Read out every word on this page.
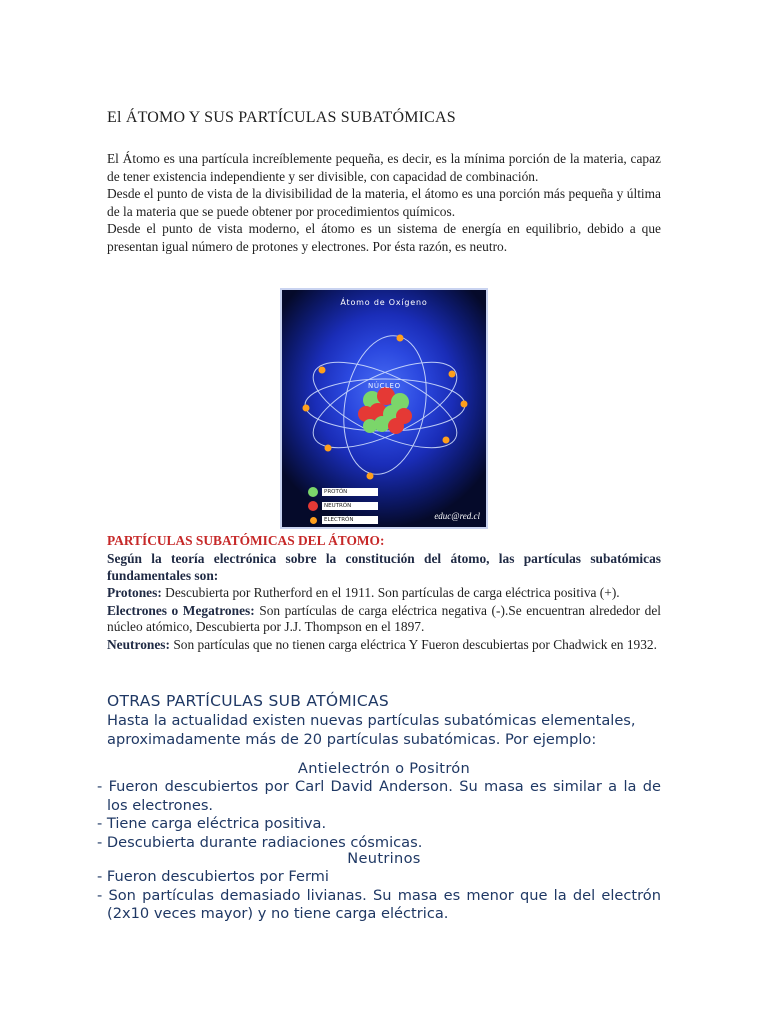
El ÁTOMO Y SUS PARTÍCULAS SUBATÓMICAS

El Átomo es una partícula increíblemente pequeña, es decir, es la mínima porción de la materia, capaz de tener existencia independiente y ser divisible, con capacidad de combinación.

Desde el punto de vista de la divisibilidad de la materia, el átomo es una porción más pequeña y última de la materia que se puede obtener por procedimientos químicos.

Desde el punto de vista moderno, el átomo es un sistema de energía en equilibrio, debido a que presentan igual número de protones y electrones. Por ésta razón, es neutro.

Átomo de Oxígeno
NÚCLEO
PROTÓN
NEUTRÓN
ELECTRÓN	educ@red.cl
PARTÍCULAS SUBATÓMICAS DEL ÁTOMO:

Según la teoría electrónica sobre la constitución del átomo, las partículas subatómicas fundamentales son:

Protones: Descubierta por Rutherford en el 1911. Son partículas de carga eléctrica positiva (+).

Electrones o Megatrones: Son partículas de carga eléctrica negativa (-).Se encuentran alrededor del núcleo atómico, Descubierta por J.J. Thompson en el 1897.

Neutrones: Son partículas que no tienen carga eléctrica Y Fueron descubiertas por Chadwick en 1932.

OTRAS PARTÍCULAS SUB ATÓMICAS

Hasta la actualidad existen nuevas partículas subatómicas elementales, aproximadamente más de 20 partículas subatómicas. Por ejemplo:

Antielectrón o Positrón
- Fueron descubiertos por Carl David Anderson. Su masa es similar a la de los electrones.
- Tiene carga eléctrica positiva.
- Descubierta durante radiaciones cósmicas.
Neutrinos
- Fueron descubiertos por Fermi
- Son partículas demasiado livianas. Su masa es menor que la del electrón (2x10 veces mayor) y no tiene carga eléctrica.
